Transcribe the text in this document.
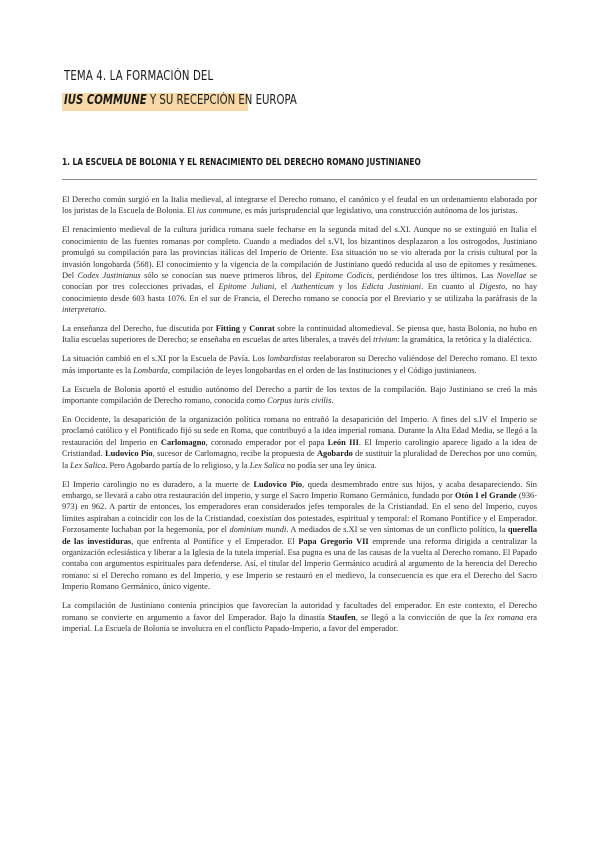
TEMA 4. LA FORMACIÓN DEL
IUS COMMUNE Y SU RECEPCIÓN EN EUROPA
1. LA ESCUELA DE BOLONIA Y EL RENACIMIENTO DEL DERECHO ROMANO JUSTINIANEO

El Derecho común surgió en la Italia medieval, al integrarse el Derecho romano, el canónico y el feudal en un ordenamiento elaborado por los juristas de la Escuela de Bolonia. El ius commune, es más jurisprudencial que legislativo, una construcción autónoma de los juristas.

El renacimiento medieval de la cultura jurídica romana suele fecharse en la segunda mitad del s.XI. Aunque no se extinguió en Italia el conocimiento de las fuentes romanas por completo. Cuando a mediados del s.VI, los bizantinos desplazaron a los ostrogodos, Justiniano promulgó su compilación para las provincias itálicas del Imperio de Oriente. Esa situación no se vio alterada por la crisis cultural por la invasión longobarda (568). El conocimiento y la vigencia de la compilación de Justiniano quedó reducida al uso de epítomes y resúmenes. Del Codex Justinianus sólo se conocían sus nueve primeros libros, del Epitome Codicis, perdiéndose los tres últimos. Las Novellae se conocían por tres colecciones privadas, el Epitome Juliani, el Authenticum y los Edicta Justiniani. En cuanto al Digesto, no hay conocimiento desde 603 hasta 1076. En el sur de Francia, el Derecho romano se conocía por el Breviario y se utilizaba la paráfrasis de la interpretatio.

La enseñanza del Derecho, fue discutida por Fitting y Conrat sobre la continuidad altomedieval. Se piensa que, hasta Bolonia, no hubo en Italia escuelas superiores de Derecho; se enseñaba en escuelas de artes liberales, a través del trivium: la gramática, la retórica y la dialéctica.

La situación cambió en el s.XI por la Escuela de Pavía. Los lombardistas reelaboraron su Derecho valiéndose del Derecho romano. El texto más importante es la Lombarda, compilación de leyes longobardas en el orden de las Instituciones y el Código justinianeos.

La Escuela de Bolonia aportó el estudio autónomo del Derecho a partir de los textos de la compilación. Bajo Justiniano se creó la más importante compilación de Derecho romano, conocida como Corpus iuris civilis.

En Occidente, la desaparición de la organización política romana no entrañó la desaparición del Imperio. A fines del s.IV el Imperio se proclamó católico y el Pontificado fijó su sede en Roma, que contribuyó a la idea imperial romana. Durante la Alta Edad Media, se llegó a la restauración del Imperio en Carlomagno, coronado emperador por el papa León III. El Imperio carolingio aparece ligado a la idea de Cristiandad. Ludovico Pío, sucesor de Carlomagno, recibe la propuesta de Agobardo de sustituir la pluralidad de Derechos por uno común, la Lex Salica. Pero Agobardo partía de lo religioso, y la Lex Salica no podía ser una ley única.

El Imperio carolingio no es duradero, a la muerte de Ludovico Pío, queda desmembrado entre sus hijos, y acaba desapareciendo. Sin embargo, se llevará a cabo otra restauración del imperio, y surge el Sacro Imperio Romano Germánico, fundado por Otón I el Grande (936-973) en 962. A partir de entonces, los emperadores eran considerados jefes temporales de la Cristiandad. En el seno del Imperio, cuyos límites aspiraban a coincidir con los de la Cristiandad, coexistían dos potestades, espiritual y temporal: el Romano Pontífice y el Emperador. Forzosamente luchaban por la hegemonía, por el dominium mundi. A mediados de s.XI se ven síntomas de un conflicto político, la querella de las investiduras, que enfrenta al Pontífice y el Emperador. El Papa Gregorio VII emprende una reforma dirigida a centralizar la organización eclesiástica y liberar a la Iglesia de la tutela imperial. Esa pugna es una de las causas de la vuelta al Derecho romano. El Papado contaba con argumentos espirituales para defenderse. Así, el titular del Imperio Germánico acudirá al argumento de la herencia del Derecho romano: si el Derecho romano es del Imperio, y ese Imperio se restauró en el medievo, la consecuencia es que era el Derecho del Sacro Imperio Romano Germánico, único vigente.

La compilación de Justiniano contenía principios que favorecían la autoridad y facultades del emperador. En este contexto, el Derecho romano se convierte en argumento a favor del Emperador. Bajo la dinastía Staufen, se llegó a la convicción de que la lex romana era imperial. La Escuela de Bolonia se involucra en el conflicto Papado-Imperio, a favor del emperador.
